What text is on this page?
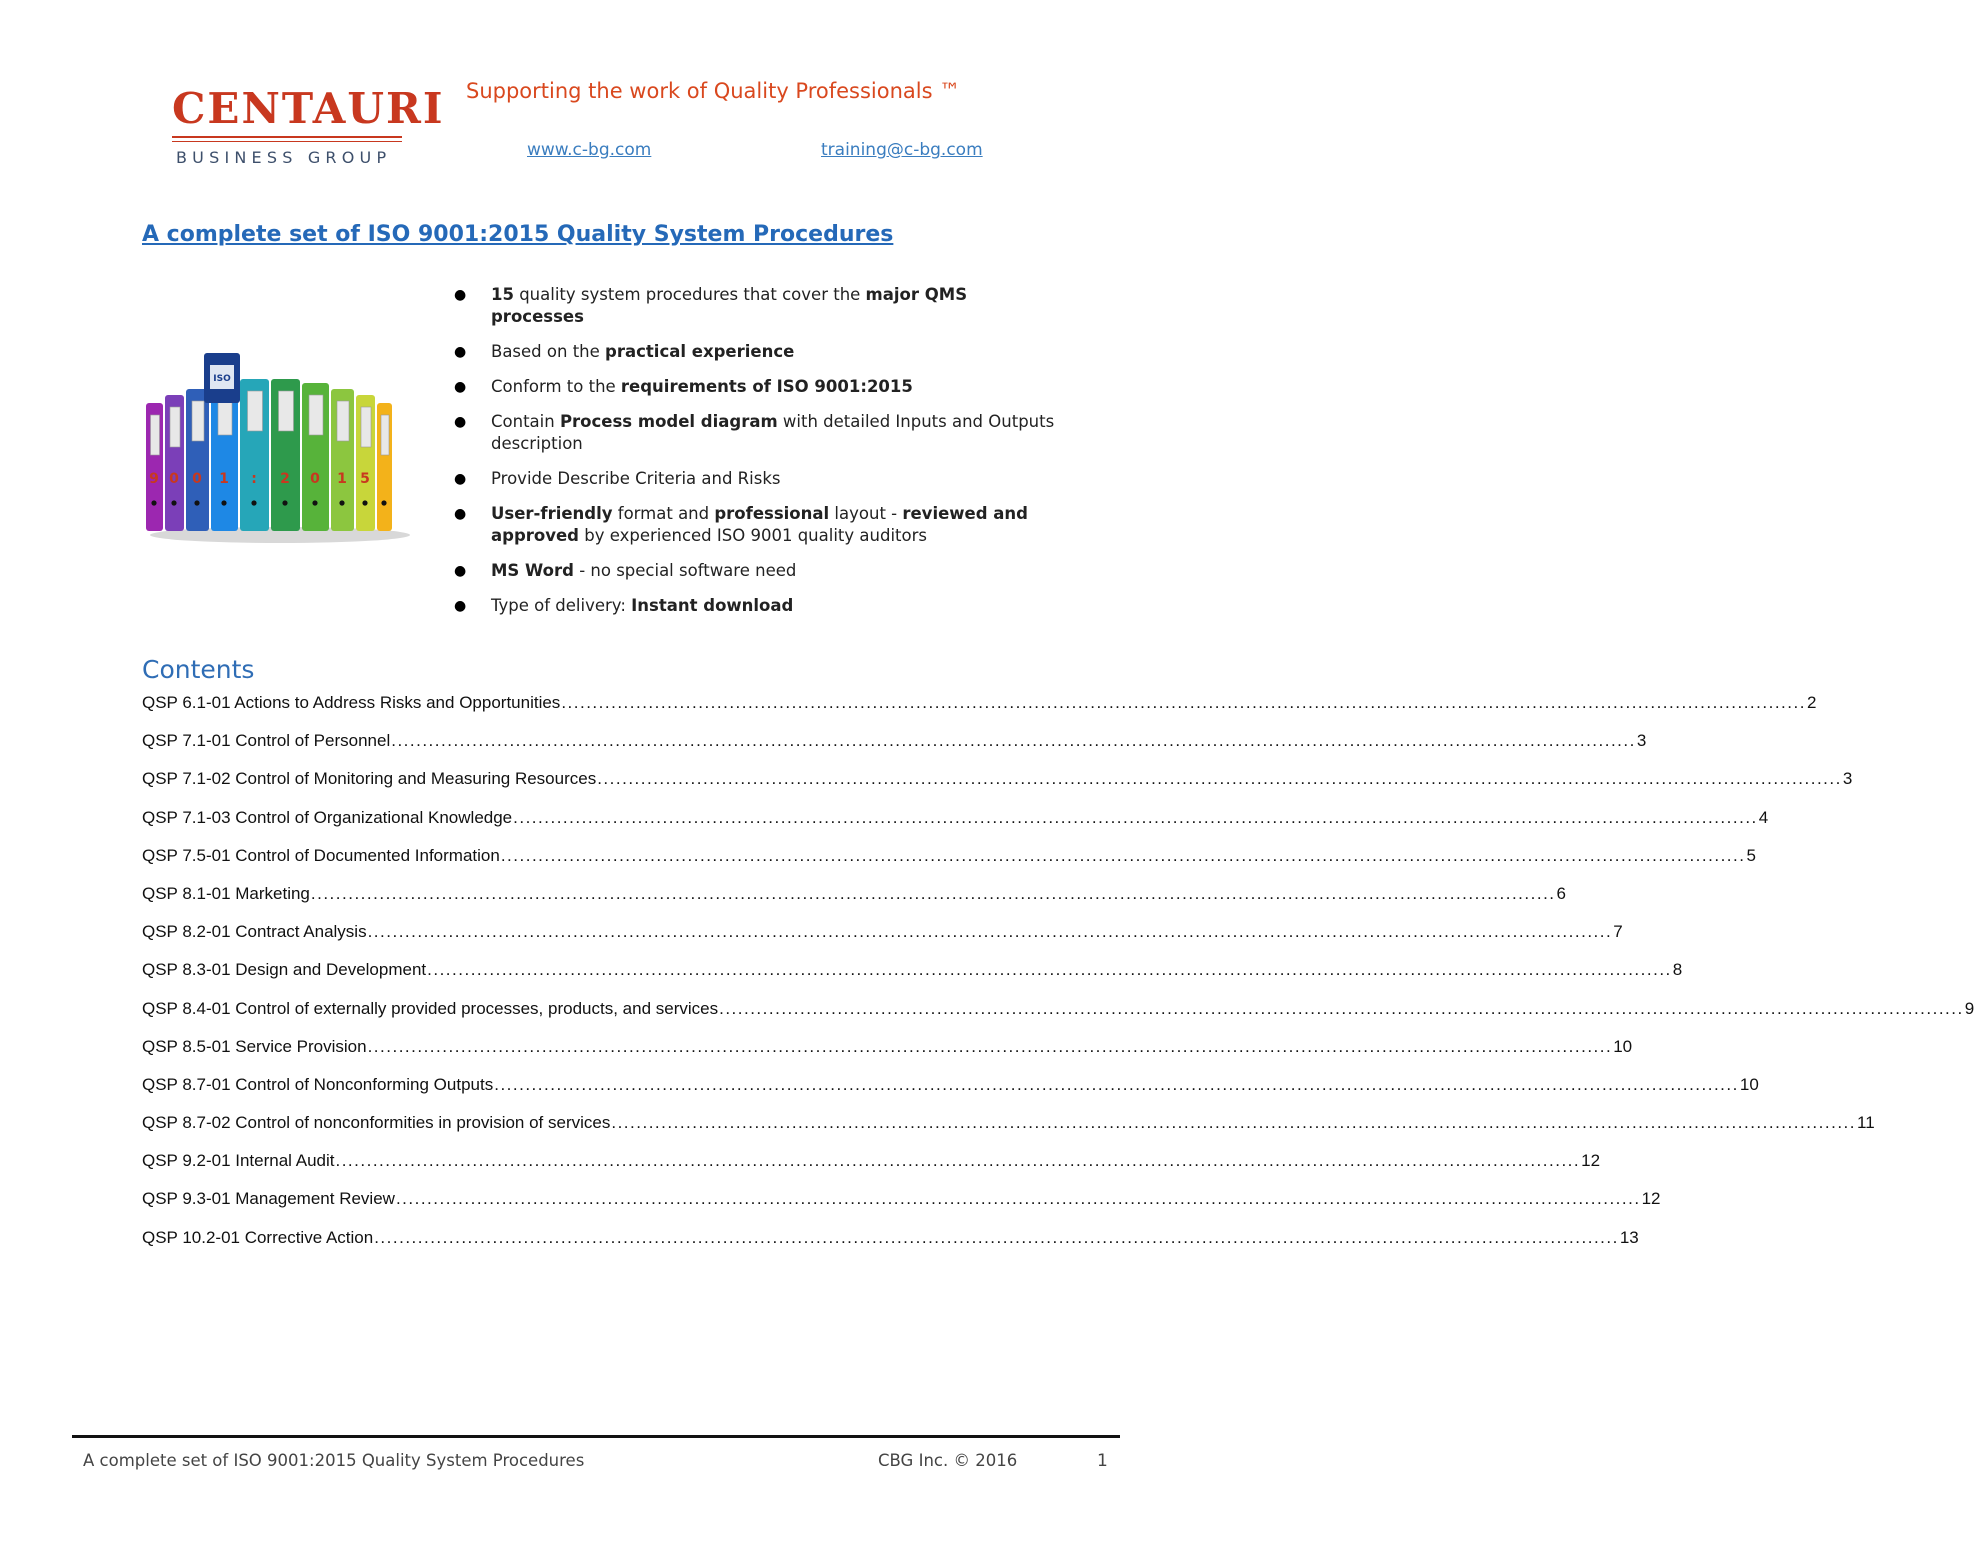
CENTAURI
BUSINESS GROUP
Supporting the work of Quality Professionals ™
www.c-bg.com	training@c-bg.com
A complete set of ISO 9001:2015 Quality System Procedures
9 0 0 1 : 2 0 1 5
ISO
● 15 quality system procedures that cover the major QMS processes
● Based on the practical experience
● Conform to the requirements of ISO 9001:2015
● Contain Process model diagram with detailed Inputs and Outputs description
● Provide Describe Criteria and Risks
● User-friendly format and professional layout - reviewed and approved by experienced ISO 9001 quality auditors
● MS Word - no special software need
● Type of delivery: Instant download
Contents
QSP 6.1-01 Actions to Address Risks and Opportunities ........................................................................................................................................................................................................ 2
QSP 7.1-01 Control of Personnel ........................................................................................................................................................................................................ 3
QSP 7.1-02 Control of Monitoring and Measuring Resources ........................................................................................................................................................................................................ 3
QSP 7.1-03 Control of Organizational Knowledge ........................................................................................................................................................................................................ 4
QSP 7.5-01 Control of Documented Information ........................................................................................................................................................................................................ 5
QSP 8.1-01 Marketing ........................................................................................................................................................................................................ 6
QSP 8.2-01 Contract Analysis ........................................................................................................................................................................................................ 7
QSP 8.3-01 Design and Development ........................................................................................................................................................................................................ 8
QSP 8.4-01 Control of externally provided processes, products, and services ........................................................................................................................................................................................................ 9
QSP 8.5-01 Service Provision ........................................................................................................................................................................................................ 10
QSP 8.7-01 Control of Nonconforming Outputs ........................................................................................................................................................................................................ 10
QSP 8.7-02 Control of nonconformities in provision of services ........................................................................................................................................................................................................ 11
QSP 9.2-01 Internal Audit ........................................................................................................................................................................................................ 12
QSP 9.3-01 Management Review ........................................................................................................................................................................................................ 12
QSP 10.2-01 Corrective Action ........................................................................................................................................................................................................ 13
A complete set of ISO 9001:2015 Quality System Procedures	CBG Inc. © 2016	1
